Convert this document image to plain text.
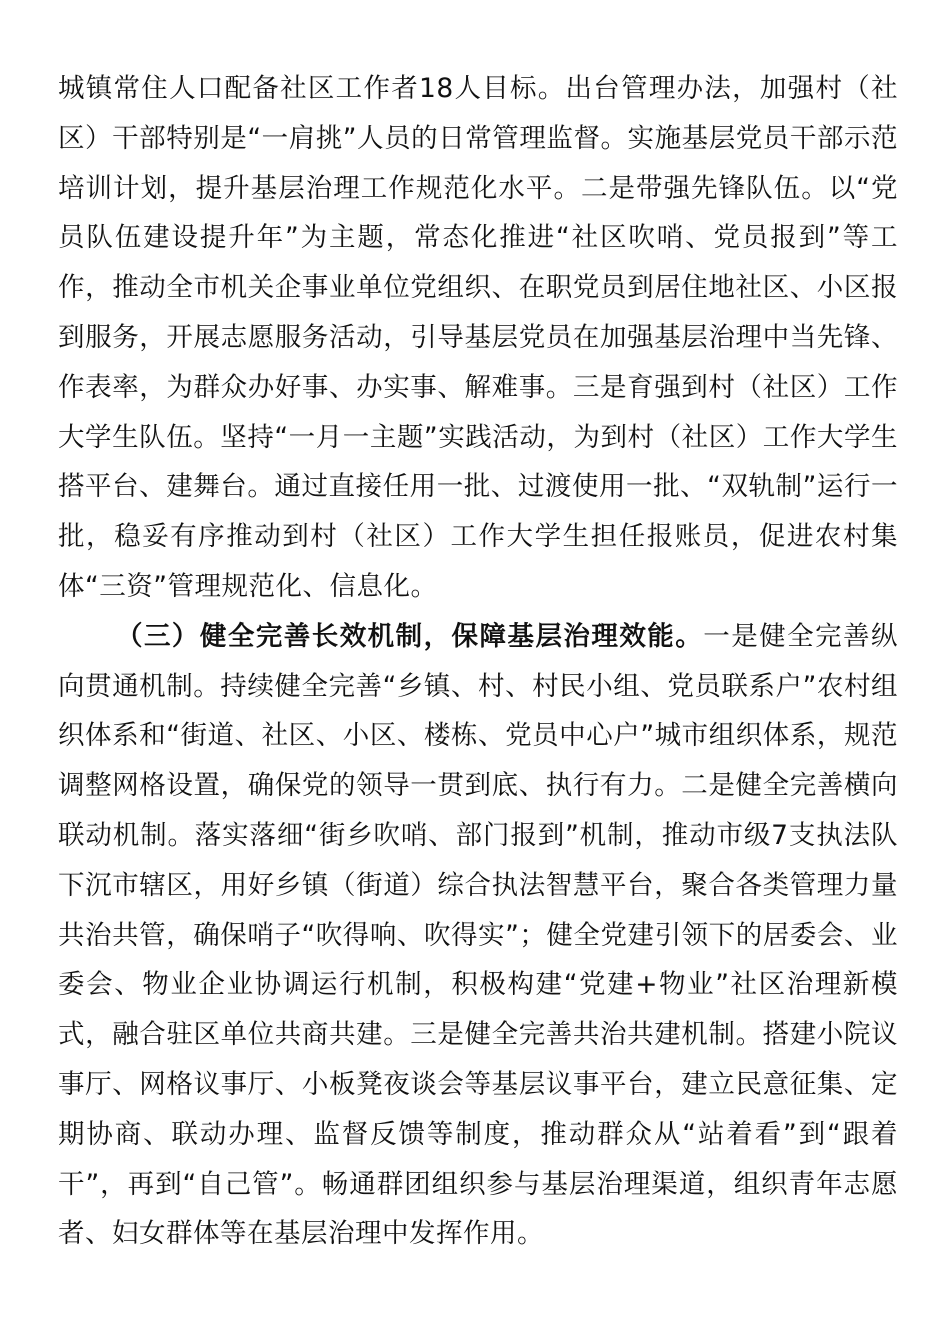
城镇常住人口配备社区工作者18人目标。出台管理办法，加强村（社区）干部特别是“一肩挑”人员的日常管理监督。实施基层党员干部示范培训计划，提升基层治理工作规范化水平。二是带强先锋队伍。以“党员队伍建设提升年”为主题，常态化推进“社区吹哨、党员报到”等工作，推动全市机关企事业单位党组织、在职党员到居住地社区、小区报到服务，开展志愿服务活动，引导基层党员在加强基层治理中当先锋、作表率，为群众办好事、办实事、解难事。三是育强到村（社区）工作大学生队伍。坚持“一月一主题”实践活动，为到村（社区）工作大学生搭平台、建舞台。通过直接任用一批、过渡使用一批、“双轨制”运行一批，稳妥有序推动到村（社区）工作大学生担任报账员，促进农村集体“三资”管理规范化、信息化。

（三）健全完善长效机制，保障基层治理效能。一是健全完善纵向贯通机制。持续健全完善“乡镇、村、村民小组、党员联系户”农村组织体系和“街道、社区、小区、楼栋、党员中心户”城市组织体系，规范调整网格设置，确保党的领导一贯到底、执行有力。二是健全完善横向联动机制。落实落细“街乡吹哨、部门报到”机制，推动市级7支执法队下沉市辖区，用好乡镇（街道）综合执法智慧平台，聚合各类管理力量共治共管，确保哨子“吹得响、吹得实”；健全党建引领下的居委会、业委会、物业企业协调运行机制，积极构建“党建+物业”社区治理新模式，融合驻区单位共商共建。三是健全完善共治共建机制。搭建小院议事厅、网格议事厅、小板凳夜谈会等基层议事平台，建立民意征集、定期协商、联动办理、监督反馈等制度，推动群众从“站着看”到“跟着干”，再到“自己管”。畅通群团组织参与基层治理渠道，组织青年志愿者、妇女群体等在基层治理中发挥作用。
